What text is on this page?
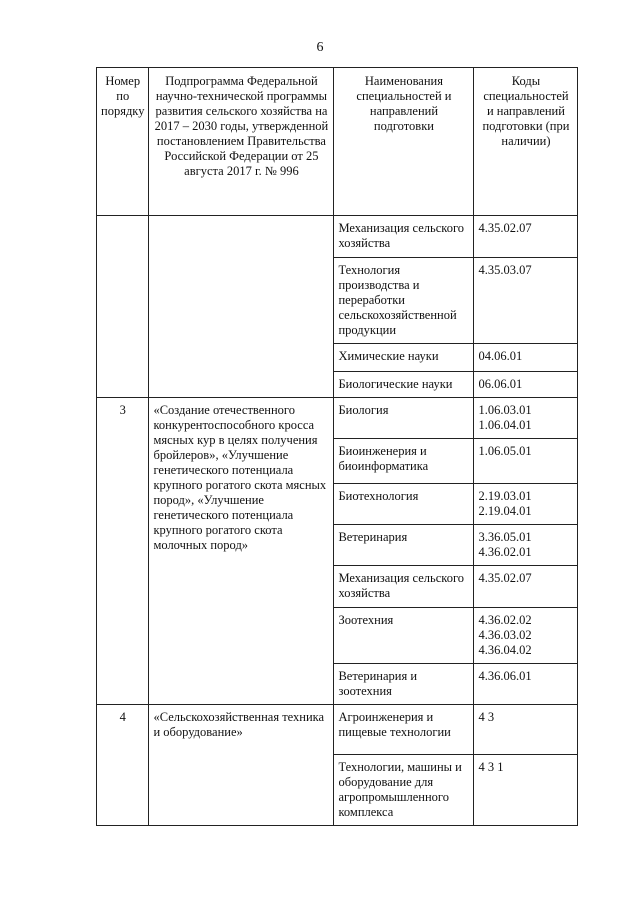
6
Номер по порядку	Подпрограмма Федеральной научно-технической программы развития сельского хозяйства на 2017 – 2030 годы, утвержденной постановлением Правительства Российской Федерации от 25 августа 2017 г. № 996	Наименования специальностей и направлений подготовки	Коды специальностей и направлений подготовки (при наличии)
		Механизация сельского хозяйства	4.35.02.07

		Технология производства и переработки сельскохозяйственной продукции	4.35.03.07

		Химические науки	04.06.01

		Биологические науки	06.06.01

3	«Создание отечественного конкурентоспособного кросса мясных кур в целях получения бройлеров», «Улучшение генетического потенциала крупного рогатого скота мясных пород», «Улучшение генетического потенциала крупного рогатого скота молочных пород»	Биология	1.06.03.01
1.06.04.01

		Биоинженерия и биоинформатика	1.06.05.01

		Биотехнология	2.19.03.01
2.19.04.01

		Ветеринария	3.36.05.01
4.36.02.01

		Механизация сельского хозяйства	4.35.02.07

		Зоотехния	4.36.02.02
4.36.03.02
4.36.04.02

		Ветеринария и зоотехния	4.36.06.01

4	«Сельскохозяйственная техника и оборудование»	Агроинженерия и пищевые технологии	4 3

		Технологии, машины и оборудование для агропромышленного комплекса	4 3 1
